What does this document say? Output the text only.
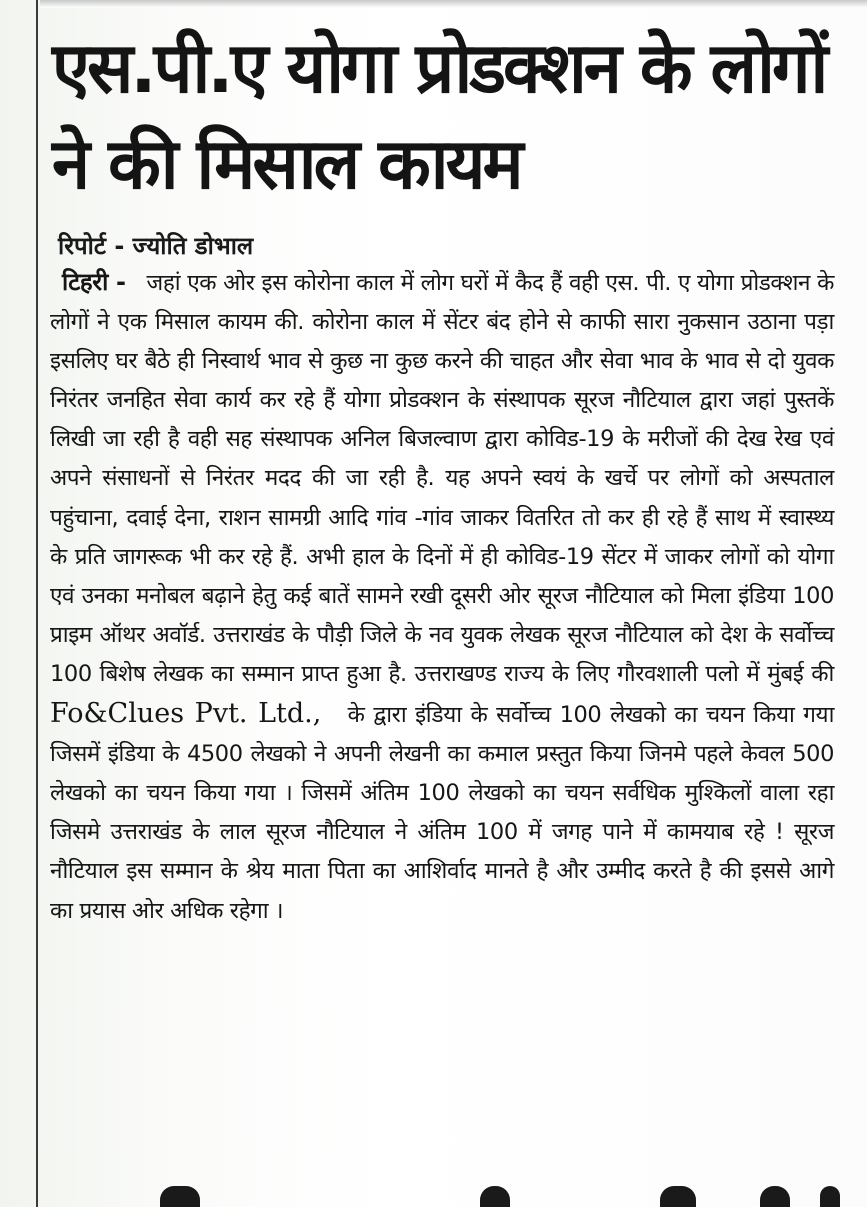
एस.पी.ए योगा प्रोडक्शन के लोगों ने की मिसाल कायम
रिपोर्ट - ज्योति डोभाल

टिहरी - जहां एक ओर इस कोरोना काल में लोग घरों में कैद हैं वही एस. पी. ए योगा प्रोडक्शन के लोगों ने एक मिसाल कायम की. कोरोना काल में सेंटर बंद होने से काफी सारा नुकसान उठाना पड़ा इसलिए घर बैठे ही निस्वार्थ भाव से कुछ ना कुछ करने की चाहत और सेवा भाव के भाव से दो युवक निरंतर जनहित सेवा कार्य कर रहे हैं योगा प्रोडक्शन के संस्थापक सूरज नौटियाल द्वारा जहां पुस्तकें लिखी जा रही है वही सह संस्थापक अनिल बिजल्वाण द्वारा कोविड-19 के मरीजों की देख रेख एवं अपने संसाधनों से निरंतर मदद की जा रही है. यह अपने स्वयं के खर्चे पर लोगों को अस्पताल पहुंचाना, दवाई देना, राशन सामग्री आदि गांव -गांव जाकर वितरित तो कर ही रहे हैं साथ में स्वास्थ्य के प्रति जागरूक भी कर रहे हैं. अभी हाल के दिनों में ही कोविड-19 सेंटर में जाकर लोगों को योगा एवं उनका मनोबल बढ़ाने हेतु कई बातें सामने रखी दूसरी ओर सूरज नौटियाल को मिला इंडिया 100 प्राइम ऑथर अवॉर्ड. उत्तराखंड के पौड़ी जिले के नव युवक लेखक सूरज नौटियाल को देश के सर्वोच्च 100 बिशेष लेखक का सम्मान प्राप्त हुआ है. उत्तराखण्ड राज्य के लिए गौरवशाली पलो में मुंबई की Fo&Clues Pvt. Ltd., के द्वारा इंडिया के सर्वोच्च 100 लेखको का चयन किया गया जिसमें इंडिया के 4500 लेखको ने अपनी लेखनी का कमाल प्रस्तुत किया जिनमे पहले केवल 500 लेखको का चयन किया गया । जिसमें अंतिम 100 लेखको का चयन सर्वधिक मुश्किलों वाला रहा जिसमे उत्तराखंड के लाल सूरज नौटियाल ने अंतिम 100 में जगह पाने में कामयाब रहे ! सूरज नौटियाल इस सम्मान के श्रेय माता पिता का आशिर्वाद मानते है और उम्मीद करते है की इससे आगे का प्रयास ओर अधिक रहेगा ।
